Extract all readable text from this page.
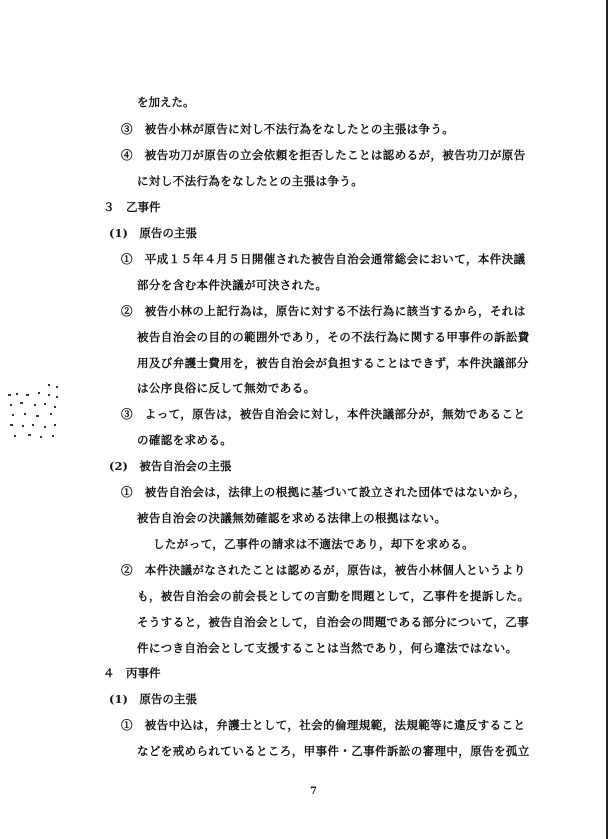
を加えた。
③　被告小林が原告に対し不法行為をなしたとの主張は争う。
④　被告功刀が原告の立会依頼を拒否したことは認めるが，被告功刀が原告
に対し不法行為をなしたとの主張は争う。
３　乙事件
(1)　原告の主張
①　平成１５年４月５日開催された被告自治会通常総会において，本件決議
部分を含む本件決議が可決された。
②　被告小林の上記行為は，原告に対する不法行為に該当するから，それは
被告自治会の目的の範囲外であり，その不法行為に関する甲事件の訴訟費
用及び弁護士費用を，被告自治会が負担することはできず，本件決議部分
は公序良俗に反して無効である。
③　よって，原告は，被告自治会に対し，本件決議部分が，無効であること
の確認を求める。
(2)　被告自治会の主張
①　被告自治会は，法律上の根拠に基づいて設立された団体ではないから，
被告自治会の決議無効確認を求める法律上の根拠はない。
したがって，乙事件の請求は不適法であり，却下を求める。
②　本件決議がなされたことは認めるが，原告は，被告小林個人というより
も，被告自治会の前会長としての言動を問題として，乙事件を提訴した。
そうすると，被告自治会として，自治会の問題である部分について，乙事
件につき自治会として支援することは当然であり，何ら違法ではない。
４　丙事件
(1)　原告の主張
①　被告中込は，弁護士として，社会的倫理規範，法規範等に違反すること
などを戒められているところ，甲事件・乙事件訴訟の審理中，原告を孤立
7
